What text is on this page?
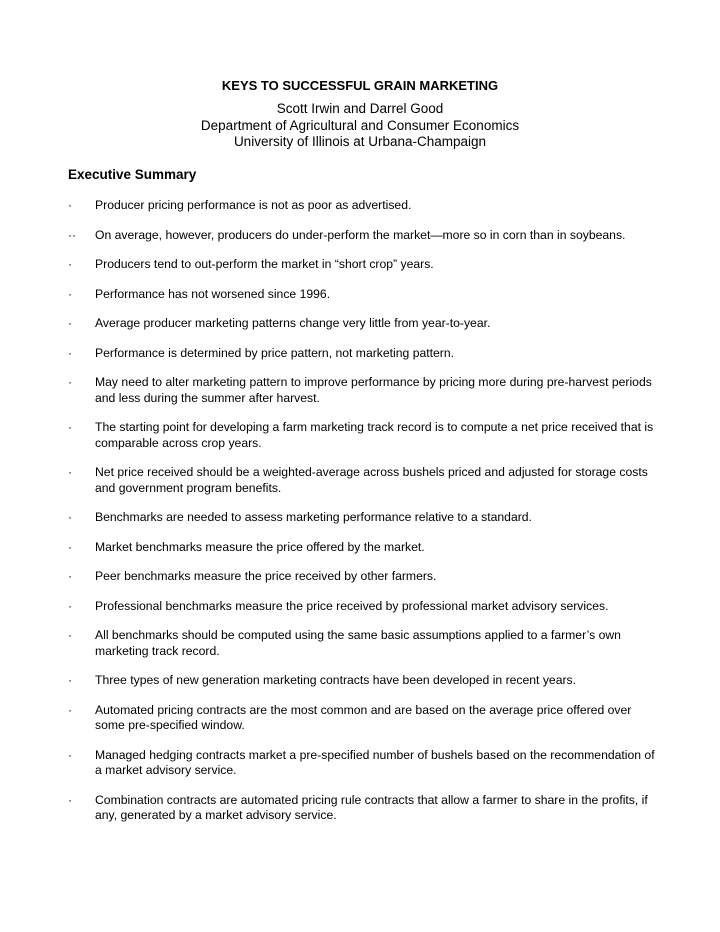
KEYS TO SUCCESSFUL GRAIN MARKETING
Scott Irwin and Darrel Good
Department of Agricultural and Consumer Economics
University of Illinois at Urbana-Champaign
Executive Summary
·	Producer pricing performance is not as poor as advertised.
··	On average, however, producers do under-perform the market—more so in corn than in soybeans.
·	Producers tend to out-perform the market in “short crop” years.
·	Performance has not worsened since 1996.
·	Average producer marketing patterns change very little from year-to-year.
·	Performance is determined by price pattern, not marketing pattern.
·	May need to alter marketing pattern to improve performance by pricing more during pre-harvest periods and less during the summer after harvest.
·	The starting point for developing a farm marketing track record is to compute a net price received that is comparable across crop years.
·	Net price received should be a weighted-average across bushels priced and adjusted for storage costs and government program benefits.
·	Benchmarks are needed to assess marketing performance relative to a standard.
·	Market benchmarks measure the price offered by the market.
·	Peer benchmarks measure the price received by other farmers.
·	Professional benchmarks measure the price received by professional market advisory services.
·	All benchmarks should be computed using the same basic assumptions applied to a farmer’s own marketing track record.
·	Three types of new generation marketing contracts have been developed in recent years.
·	Automated pricing contracts are the most common and are based on the average price offered over some pre-specified window.
·	Managed hedging contracts market a pre-specified number of bushels based on the recommendation of a market advisory service.
·	Combination contracts are automated pricing rule contracts that allow a farmer to share in the profits, if any, generated by a market advisory service.
